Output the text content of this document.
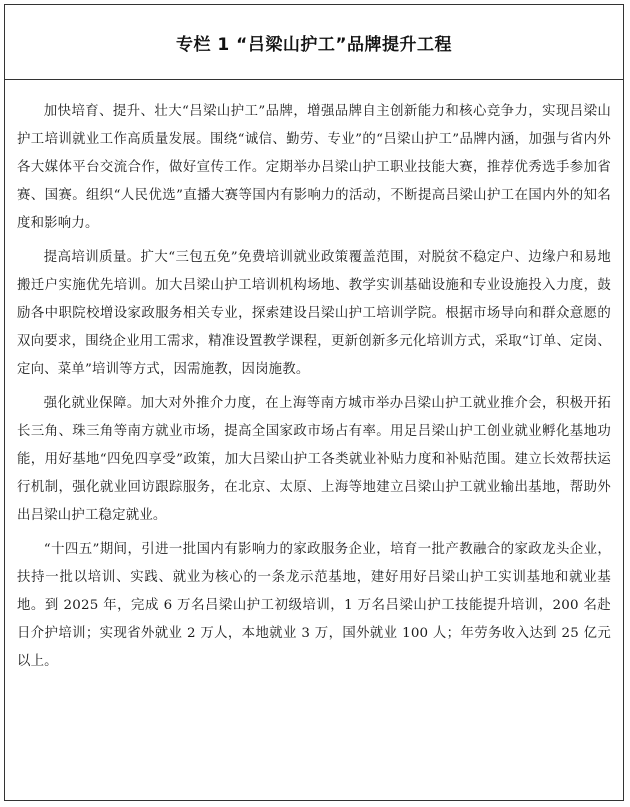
专栏 1 “吕梁山护工”品牌提升工程

加快培育、提升、壮大“吕梁山护工”品牌，增强品牌自主创新能力和核心竞争力，实现吕梁山护工培训就业工作高质量发展。围绕“诚信、勤劳、专业”的“吕梁山护工”品牌内涵，加强与省内外各大媒体平台交流合作，做好宣传工作。定期举办吕梁山护工职业技能大赛，推荐优秀选手参加省赛、国赛。组织“人民优选”直播大赛等国内有影响力的活动，不断提高吕梁山护工在国内外的知名度和影响力。

提高培训质量。扩大“三包五免”免费培训就业政策覆盖范围，对脱贫不稳定户、边缘户和易地搬迁户实施优先培训。加大吕梁山护工培训机构场地、教学实训基础设施和专业设施投入力度，鼓励各中职院校增设家政服务相关专业，探索建设吕梁山护工培训学院。根据市场导向和群众意愿的双向要求，围绕企业用工需求，精准设置教学课程，更新创新多元化培训方式，采取“订单、定岗、定向、菜单”培训等方式，因需施教，因岗施教。

强化就业保障。加大对外推介力度，在上海等南方城市举办吕梁山护工就业推介会，积极开拓长三角、珠三角等南方就业市场，提高全国家政市场占有率。用足吕梁山护工创业就业孵化基地功能，用好基地“四免四享受”政策，加大吕梁山护工各类就业补贴力度和补贴范围。建立长效帮扶运行机制，强化就业回访跟踪服务，在北京、太原、上海等地建立吕梁山护工就业输出基地，帮助外出吕梁山护工稳定就业。

“十四五”期间，引进一批国内有影响力的家政服务企业，培育一批产教融合的家政龙头企业，扶持一批以培训、实践、就业为核心的一条龙示范基地，建好用好吕梁山护工实训基地和就业基地。到 2025 年，完成 6 万名吕梁山护工初级培训，1 万名吕梁山护工技能提升培训，200 名赴日介护培训；实现省外就业 2 万人，本地就业 3 万，国外就业 100 人；年劳务收入达到 25 亿元以上。
